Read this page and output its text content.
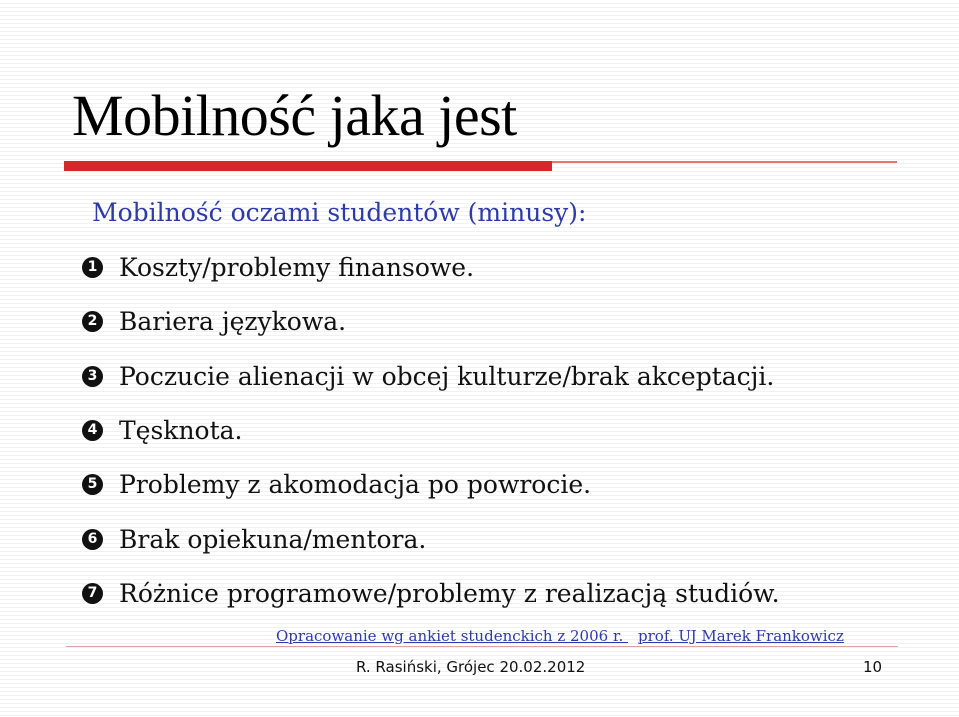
Mobilność jaka jest
Mobilność oczami studentów (minusy):
1 Koszty/problemy finansowe.
2 Bariera językowa.
3 Poczucie alienacji w obcej kulturze/brak akceptacji.
4 Tęsknota.
5 Problemy z akomodacja po powrocie.
6 Brak opiekuna/mentora.
7 Różnice programowe/problemy z realizacją studiów.
Opracowanie wg ankiet studenckich z 2006 r. prof. UJ Marek Frankowicz
R. Rasiński, Grójec 20.02.2012	10
